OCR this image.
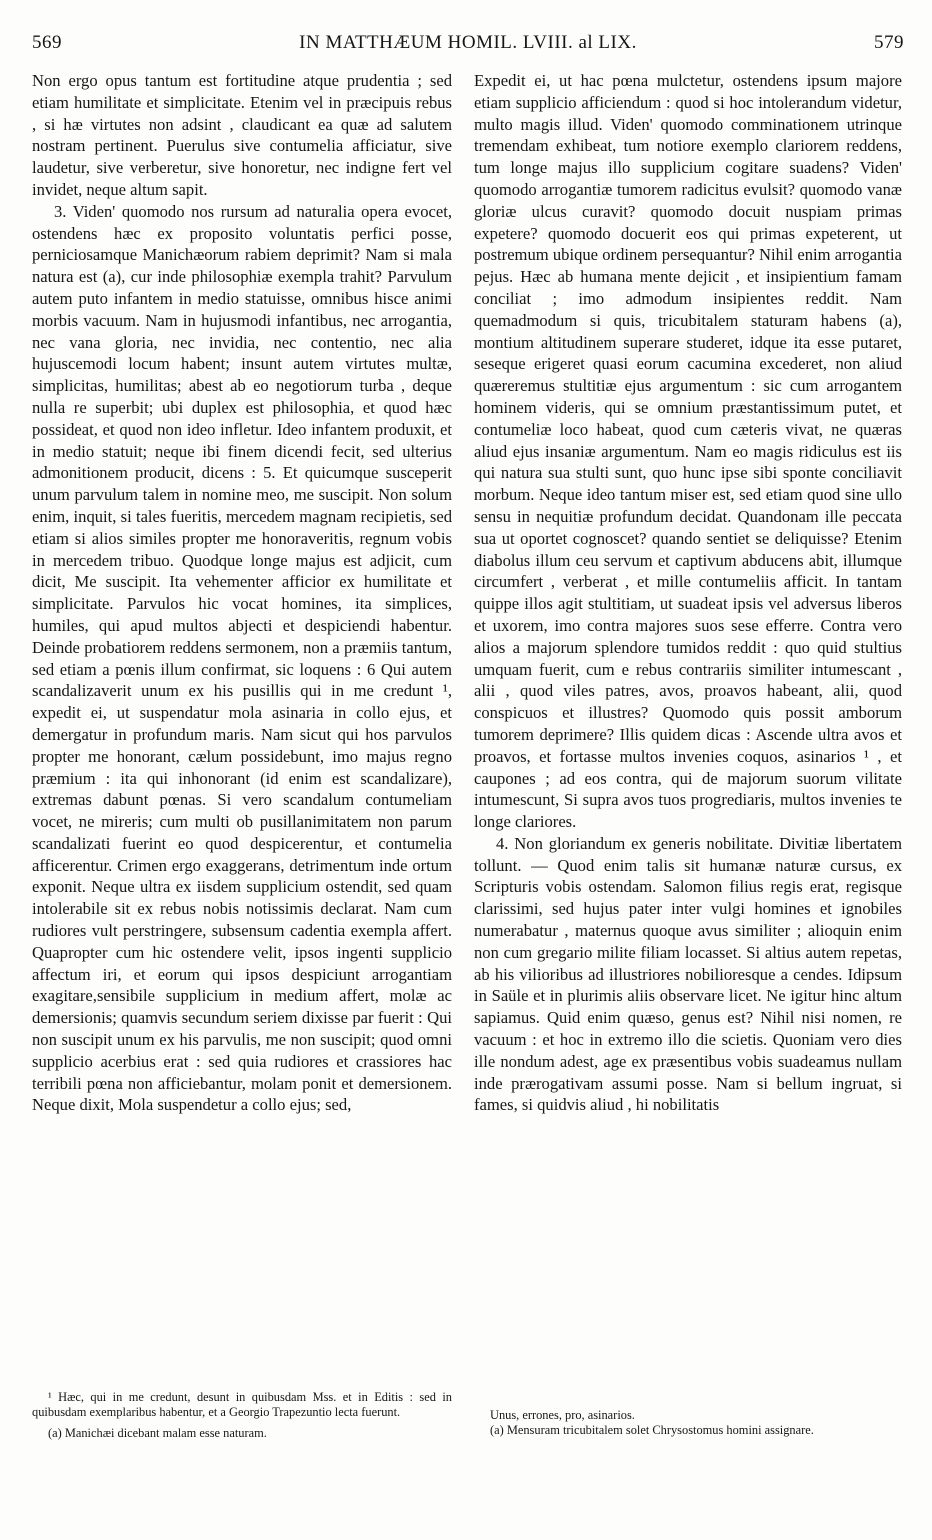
569	IN MATTHÆUM HOMIL. LVIII. al LIX.	579

Non ergo opus tantum est fortitudine atque prudentia ; sed etiam humilitate et simplicitate. Etenim vel in præcipuis rebus , si hæ virtutes non adsint , claudicant ea quæ ad salutem nostram pertinent. Puerulus sive contumelia afficiatur, sive laudetur, sive verberetur, sive honoretur, nec indigne fert vel invidet, neque altum sapit.

3. Viden' quomodo nos rursum ad naturalia opera evocet, ostendens hæc ex proposito voluntatis perfici posse, perniciosamque Manichæorum rabiem deprimit? Nam si mala natura est (a), cur inde philosophiæ exempla trahit? Parvulum autem puto infantem in medio statuisse, omnibus hisce animi morbis vacuum. Nam in hujusmodi infantibus, nec arrogantia, nec vana gloria, nec invidia, nec contentio, nec alia hujuscemodi locum habent; insunt autem virtutes multæ, simplicitas, humilitas; abest ab eo negotiorum turba , deque nulla re superbit; ubi duplex est philosophia, et quod hæc possideat, et quod non ideo infletur. Ideo infantem produxit, et in medio statuit; neque ibi finem dicendi fecit, sed ulterius admonitionem producit, dicens : 5. Et quicumque susceperit unum parvulum talem in nomine meo, me suscipit. Non solum enim, inquit, si tales fueritis, mercedem magnam recipietis, sed etiam si alios similes propter me honoraveritis, regnum vobis in mercedem tribuo. Quodque longe majus est adjicit, cum dicit, Me suscipit. Ita vehementer afficior ex humilitate et simplicitate. Parvulos hic vocat homines, ita simplices, humiles, qui apud multos abjecti et despiciendi habentur. Deinde probatiorem reddens sermonem, non a præmiis tantum, sed etiam a pœnis illum confirmat, sic loquens : 6 Qui autem scandalizaverit unum ex his pusillis qui in me credunt ¹, expedit ei, ut suspendatur mola asinaria in collo ejus, et demergatur in profundum maris. Nam sicut qui hos parvulos propter me honorant, cælum possidebunt, imo majus regno præmium : ita qui inhonorant (id enim est scandalizare), extremas dabunt pœnas. Si vero scandalum contumeliam vocet, ne mireris; cum multi ob pusillanimitatem non parum scandalizati fuerint eo quod despicerentur, et contumelia afficerentur. Crimen ergo exaggerans, detrimentum inde ortum exponit. Neque ultra ex iisdem supplicium ostendit, sed quam intolerabile sit ex rebus nobis notissimis declarat. Nam cum rudiores vult perstringere, subsensum cadentia exempla affert. Quapropter cum hic ostendere velit, ipsos ingenti supplicio affectum iri, et eorum qui ipsos despiciunt arrogantiam exagitare,sensibile supplicium in medium affert, molæ ac demersionis; quamvis secundum seriem dixisse par fuerit : Qui non suscipit unum ex his parvulis, me non suscipit; quod omni supplicio acerbius erat : sed quia rudiores et crassiores hac terribili pœna non afficiebantur, molam ponit et demersionem. Neque dixit, Mola suspendetur a collo ejus; sed,

Expedit ei, ut hac pœna mulctetur, ostendens ipsum majore etiam supplicio afficiendum : quod si hoc intolerandum videtur, multo magis illud. Viden' quomodo comminationem utrinque tremendam exhibeat, tum notiore exemplo clariorem reddens, tum longe majus illo supplicium cogitare suadens? Viden' quomodo arrogantiæ tumorem radicitus evulsit? quomodo vanæ gloriæ ulcus curavit? quomodo docuit nuspiam primas expetere? quomodo docuerit eos qui primas expeterent, ut postremum ubique ordinem persequantur? Nihil enim arrogantia pejus. Hæc ab humana mente dejicit , et insipientium famam conciliat ; imo admodum insipientes reddit. Nam quemadmodum si quis, tricubitalem staturam habens (a), montium altitudinem superare studeret, idque ita esse putaret, seseque erigeret quasi eorum cacumina excederet, non aliud quæreremus stultitiæ ejus argumentum : sic cum arrogantem hominem videris, qui se omnium præstantissimum putet, et contumeliæ loco habeat, quod cum cæteris vivat, ne quæras aliud ejus insaniæ argumentum. Nam eo magis ridiculus est iis qui natura sua stulti sunt, quo hunc ipse sibi sponte conciliavit morbum. Neque ideo tantum miser est, sed etiam quod sine ullo sensu in nequitiæ profundum decidat. Quandonam ille peccata sua ut oportet cognoscet? quando sentiet se deliquisse? Etenim diabolus illum ceu servum et captivum abducens abit, illumque circumfert , verberat , et mille contumeliis afficit. In tantam quippe illos agit stultitiam, ut suadeat ipsis vel adversus liberos et uxorem, imo contra majores suos sese efferre. Contra vero alios a majorum splendore tumidos reddit : quo quid stultius umquam fuerit, cum e rebus contrariis similiter intumescant , alii , quod viles patres, avos, proavos habeant, alii, quod conspicuos et illustres? Quomodo quis possit amborum tumorem deprimere? Illis quidem dicas : Ascende ultra avos et proavos, et fortasse multos invenies coquos, asinarios ¹ , et caupones ; ad eos contra, qui de majorum suorum vilitate intumescunt, Si supra avos tuos progrediaris, multos invenies te longe clariores.

4. Non gloriandum ex generis nobilitate. Divitiæ libertatem tollunt. — Quod enim talis sit humanæ naturæ cursus, ex Scripturis vobis ostendam. Salomon filius regis erat, regisque clarissimi, sed hujus pater inter vulgi homines et ignobiles numerabatur , maternus quoque avus similiter ; alioquin enim non cum gregario milite filiam locasset. Si altius autem repetas, ab his vilioribus ad illustriores nobilioresque a cendes. Idipsum in Saüle et in plurimis aliis observare licet. Ne igitur hinc altum sapiamus. Quid enim quæso, genus est? Nihil nisi nomen, re vacuum : et hoc in extremo illo die scietis. Quoniam vero dies ille nondum adest, age ex præsentibus vobis suadeamus nullam inde prærogativam assumi posse. Nam si bellum ingruat, si fames, si quidvis aliud , hi nobilitatis

¹ Hæc, qui in me credunt, desunt in quibusdam Mss. et in Editis : sed in quibusdam exemplaribus habentur, et a Georgio Trapezuntio lecta fuerunt.

(a) Manichæi dicebant malam esse naturam.

Unus, errones, pro, asinarios.

(a) Mensuram tricubitalem solet Chrysostomus homini assignare.
